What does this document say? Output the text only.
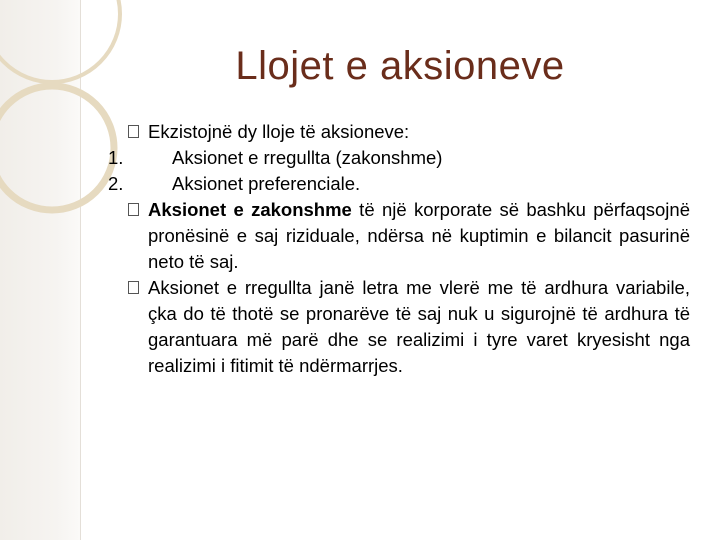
Llojet e aksioneve
Ekzistojnë dy lloje të aksioneve:
1.	Aksionet e rregullta (zakonshme)
2.	Aksionet preferenciale.
Aksionet e zakonshme të një korporate së bashku përfaqsojnë pronësinë e saj riziduale, ndërsa në kuptimin e bilancit pasurinë neto të saj.
Aksionet e rregullta janë letra me vlerë me të ardhura variabile, çka do të thotë se pronarëve të saj nuk u sigurojnë të ardhura të garantuara më parë dhe se realizimi i tyre varet kryesisht nga realizimi i fitimit të ndërmarrjes.
